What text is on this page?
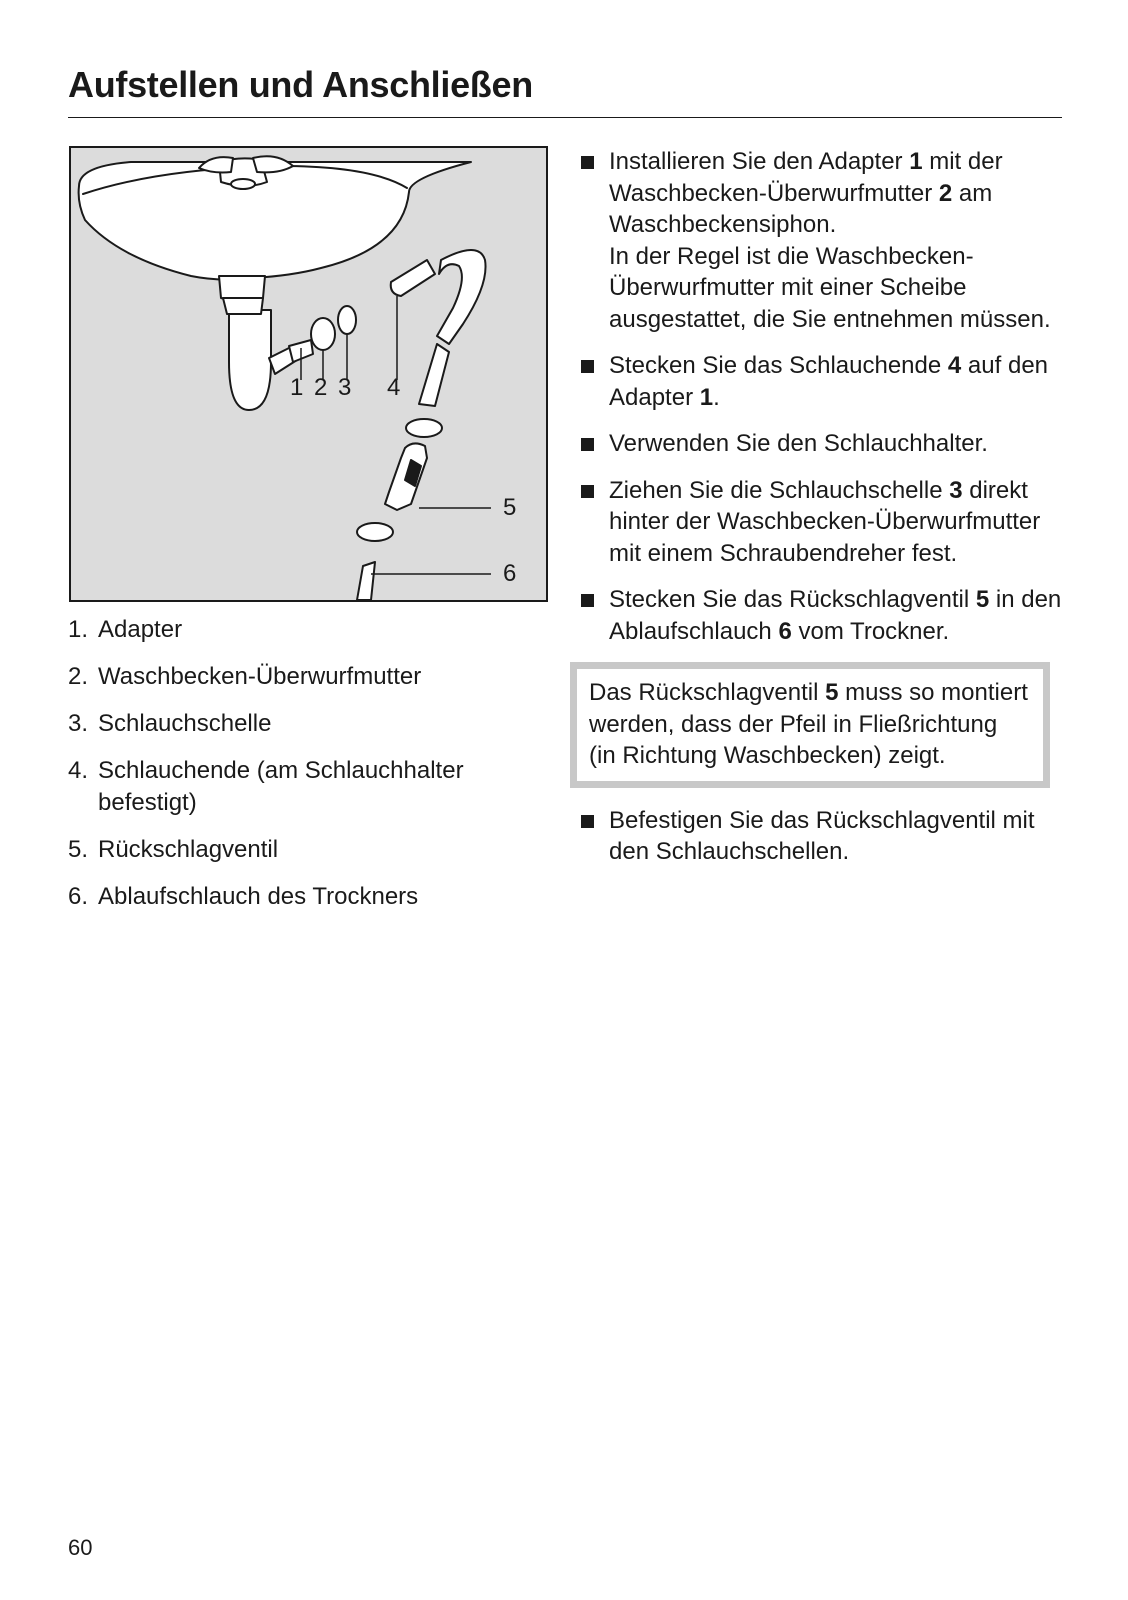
Aufstellen und Anschließen
1 2 3 4
5
6
1. Adapter
2. Waschbecken-Überwurfmutter
3. Schlauchschelle
4. Schlauchende (am Schlauchhalter befestigt)
5. Rückschlagventil
6. Ablaufschlauch des Trockners

Installieren Sie den Adapter 1 mit der Waschbecken-Überwurfmutter 2 am Waschbeckensiphon.

In der Regel ist die Waschbecken-Überwurfmutter mit einer Scheibe ausgestattet, die Sie entnehmen müssen.

Stecken Sie das Schlauchende 4 auf den Adapter 1.

Verwenden Sie den Schlauchhalter.

Ziehen Sie die Schlauchschelle 3 direkt hinter der Waschbecken-Überwurfmutter mit einem Schraubendreher fest.

Stecken Sie das Rückschlagventil 5 in den Ablaufschlauch 6 vom Trockner.

Das Rückschlagventil 5 muss so montiert werden, dass der Pfeil in Fließrichtung (in Richtung Waschbecken) zeigt.

Befestigen Sie das Rückschlagventil mit den Schlauchschellen.

60
